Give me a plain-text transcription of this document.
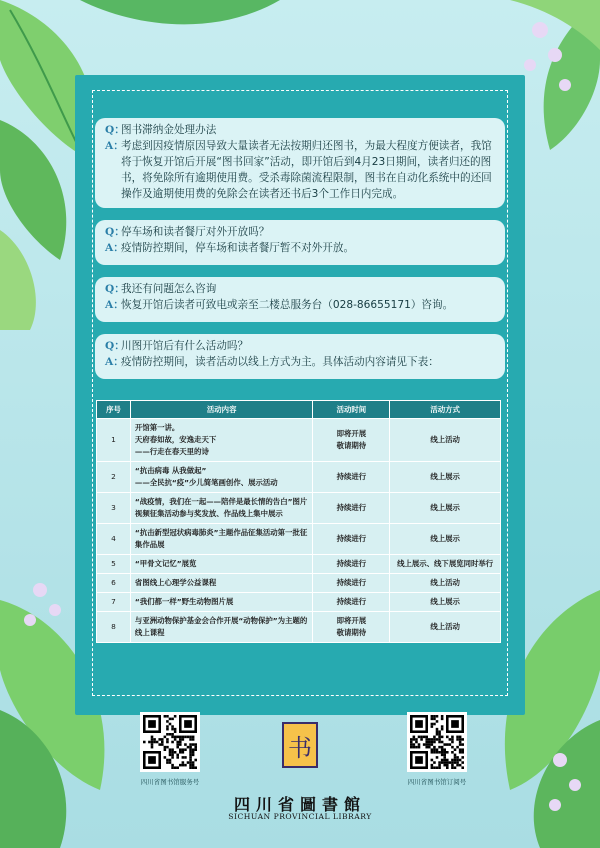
Q：
图书滞纳金处理办法
A：
考虑到因疫情原因导致大量读者无法按期归还图书，为最大程度方便读者，我馆将于恢复开馆后开展“图书回家”活动，即开馆后到4月23日期间，读者归还的图书，将免除所有逾期使用费。受杀毒除菌流程限制，图书在自动化系统中的还回操作及逾期使用费的免除会在读者还书后3个工作日内完成。
Q：
停车场和读者餐厅对外开放吗？
A：
疫情防控期间，停车场和读者餐厅暂不对外开放。
Q：
我还有问题怎么咨询
A：
恢复开馆后读者可致电或亲至二楼总服务台（028-86655171）咨询。
Q：
川图开馆后有什么活动吗？
A：
疫情防控期间，读者活动以线上方式为主。具体活动内容请见下表：
序号	活动内容	活动时间	活动方式
1	开馆第一讲。
天府春如故，安逸走天下
——行走在春天里的诗	即将开展
敬请期待	线上活动
2	“抗击病毒 从我做起”
——全民抗“疫”少儿简笔画创作、展示活动	持续进行	线上展示
3	“战疫情，我们在一起——陪伴是最长情的告白”图片视频征集活动参与奖发放、作品线上集中展示	持续进行	线上展示
4	“抗击新型冠状病毒肺炎”主题作品征集活动第一批征集作品展	持续进行	线上展示
5	“甲骨文记忆”展览	持续进行	线上展示、线下展览同时举行
6	省图线上心理学公益课程	持续进行	线上活动
7	“我们都一样”野生动物图片展	持续进行	线上展示
8	与亚洲动物保护基金会合作开展“动物保护”为主题的线上课程	即将开展
敬请期待	线上活动
四川省图书馆服务号
书
四川省图书馆订阅号
四川省圖書館
SICHUAN PROVINCIAL LIBRARY
